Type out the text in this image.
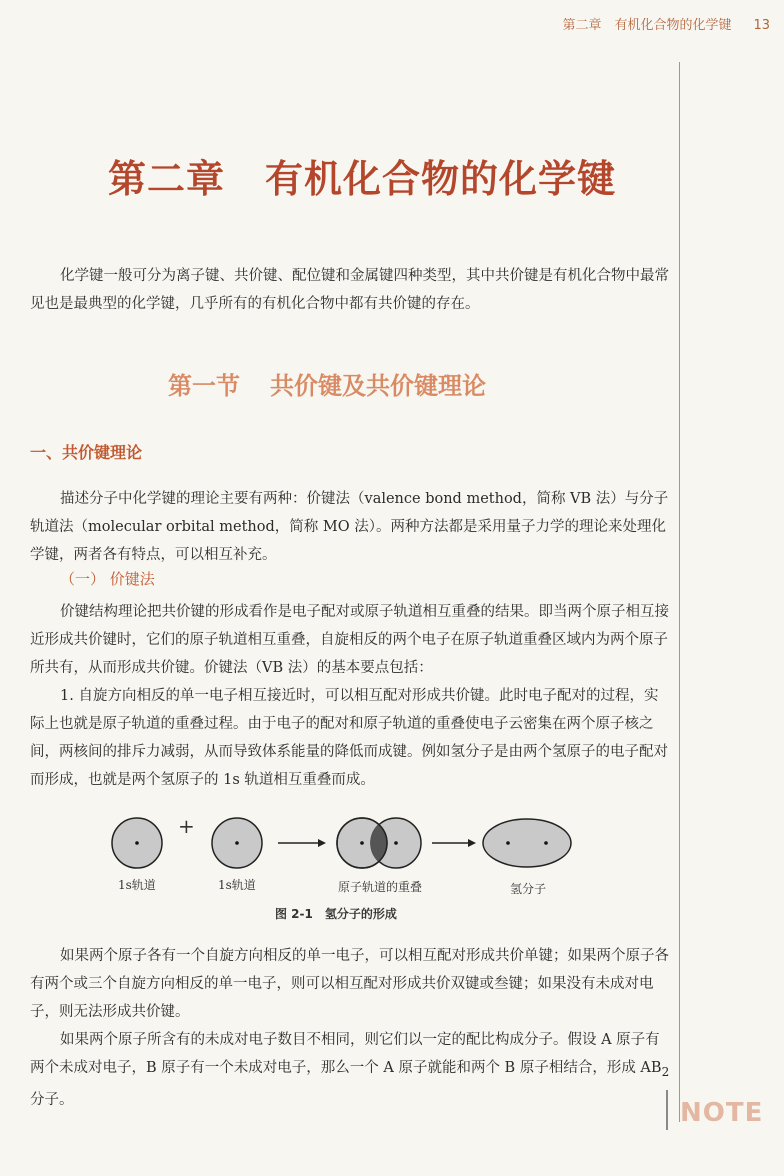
第二章　有机化合物的化学键 13
第二章 有机化合物的化学键

化学键一般可分为离子键、共价键、配位键和金属键四种类型，其中共价键是有机化合物中最常见也是最典型的化学键，几乎所有的有机化合物中都有共价键的存在。

第一节 共价键及共价键理论
一、共价键理论

描述分子中化学键的理论主要有两种：价键法（valence bond method，简称 VB 法）与分子轨道法（molecular orbital method，简称 MO 法）。两种方法都是采用量子力学的理论来处理化学键，两者各有特点，可以相互补充。

（一） 价键法

价键结构理论把共价键的形成看作是电子配对或原子轨道相互重叠的结果。即当两个原子相互接近形成共价键时，它们的原子轨道相互重叠，自旋相反的两个电子在原子轨道重叠区域内为两个原子所共有，从而形成共价键。价键法（VB 法）的基本要点包括：

1. 自旋方向相反的单一电子相互接近时，可以相互配对形成共价键。此时电子配对的过程，实际上也就是原子轨道的重叠过程。由于电子的配对和原子轨道的重叠使电子云密集在两个原子核之间，两核间的排斥力减弱，从而导致体系能量的降低而成键。例如氢分子是由两个氢原子的电子配对而形成，也就是两个氢原子的 1s 轨道相互重叠而成。

+
1s轨道	1s轨道	原子轨道的重叠	氢分子
图 2-1 氢分子的形成

如果两个原子各有一个自旋方向相反的单一电子，可以相互配对形成共价单键；如果两个原子各有两个或三个自旋方向相反的单一电子，则可以相互配对形成共价双键或叁键；如果没有未成对电子，则无法形成共价键。

如果两个原子所含有的未成对电子数目不相同，则它们以一定的配比构成分子。假设 A 原子有两个未成对电子，B 原子有一个未成对电子，那么一个 A 原子就能和两个 B 原子相结合，形成 $AB_2$ 分子。	NOTE
